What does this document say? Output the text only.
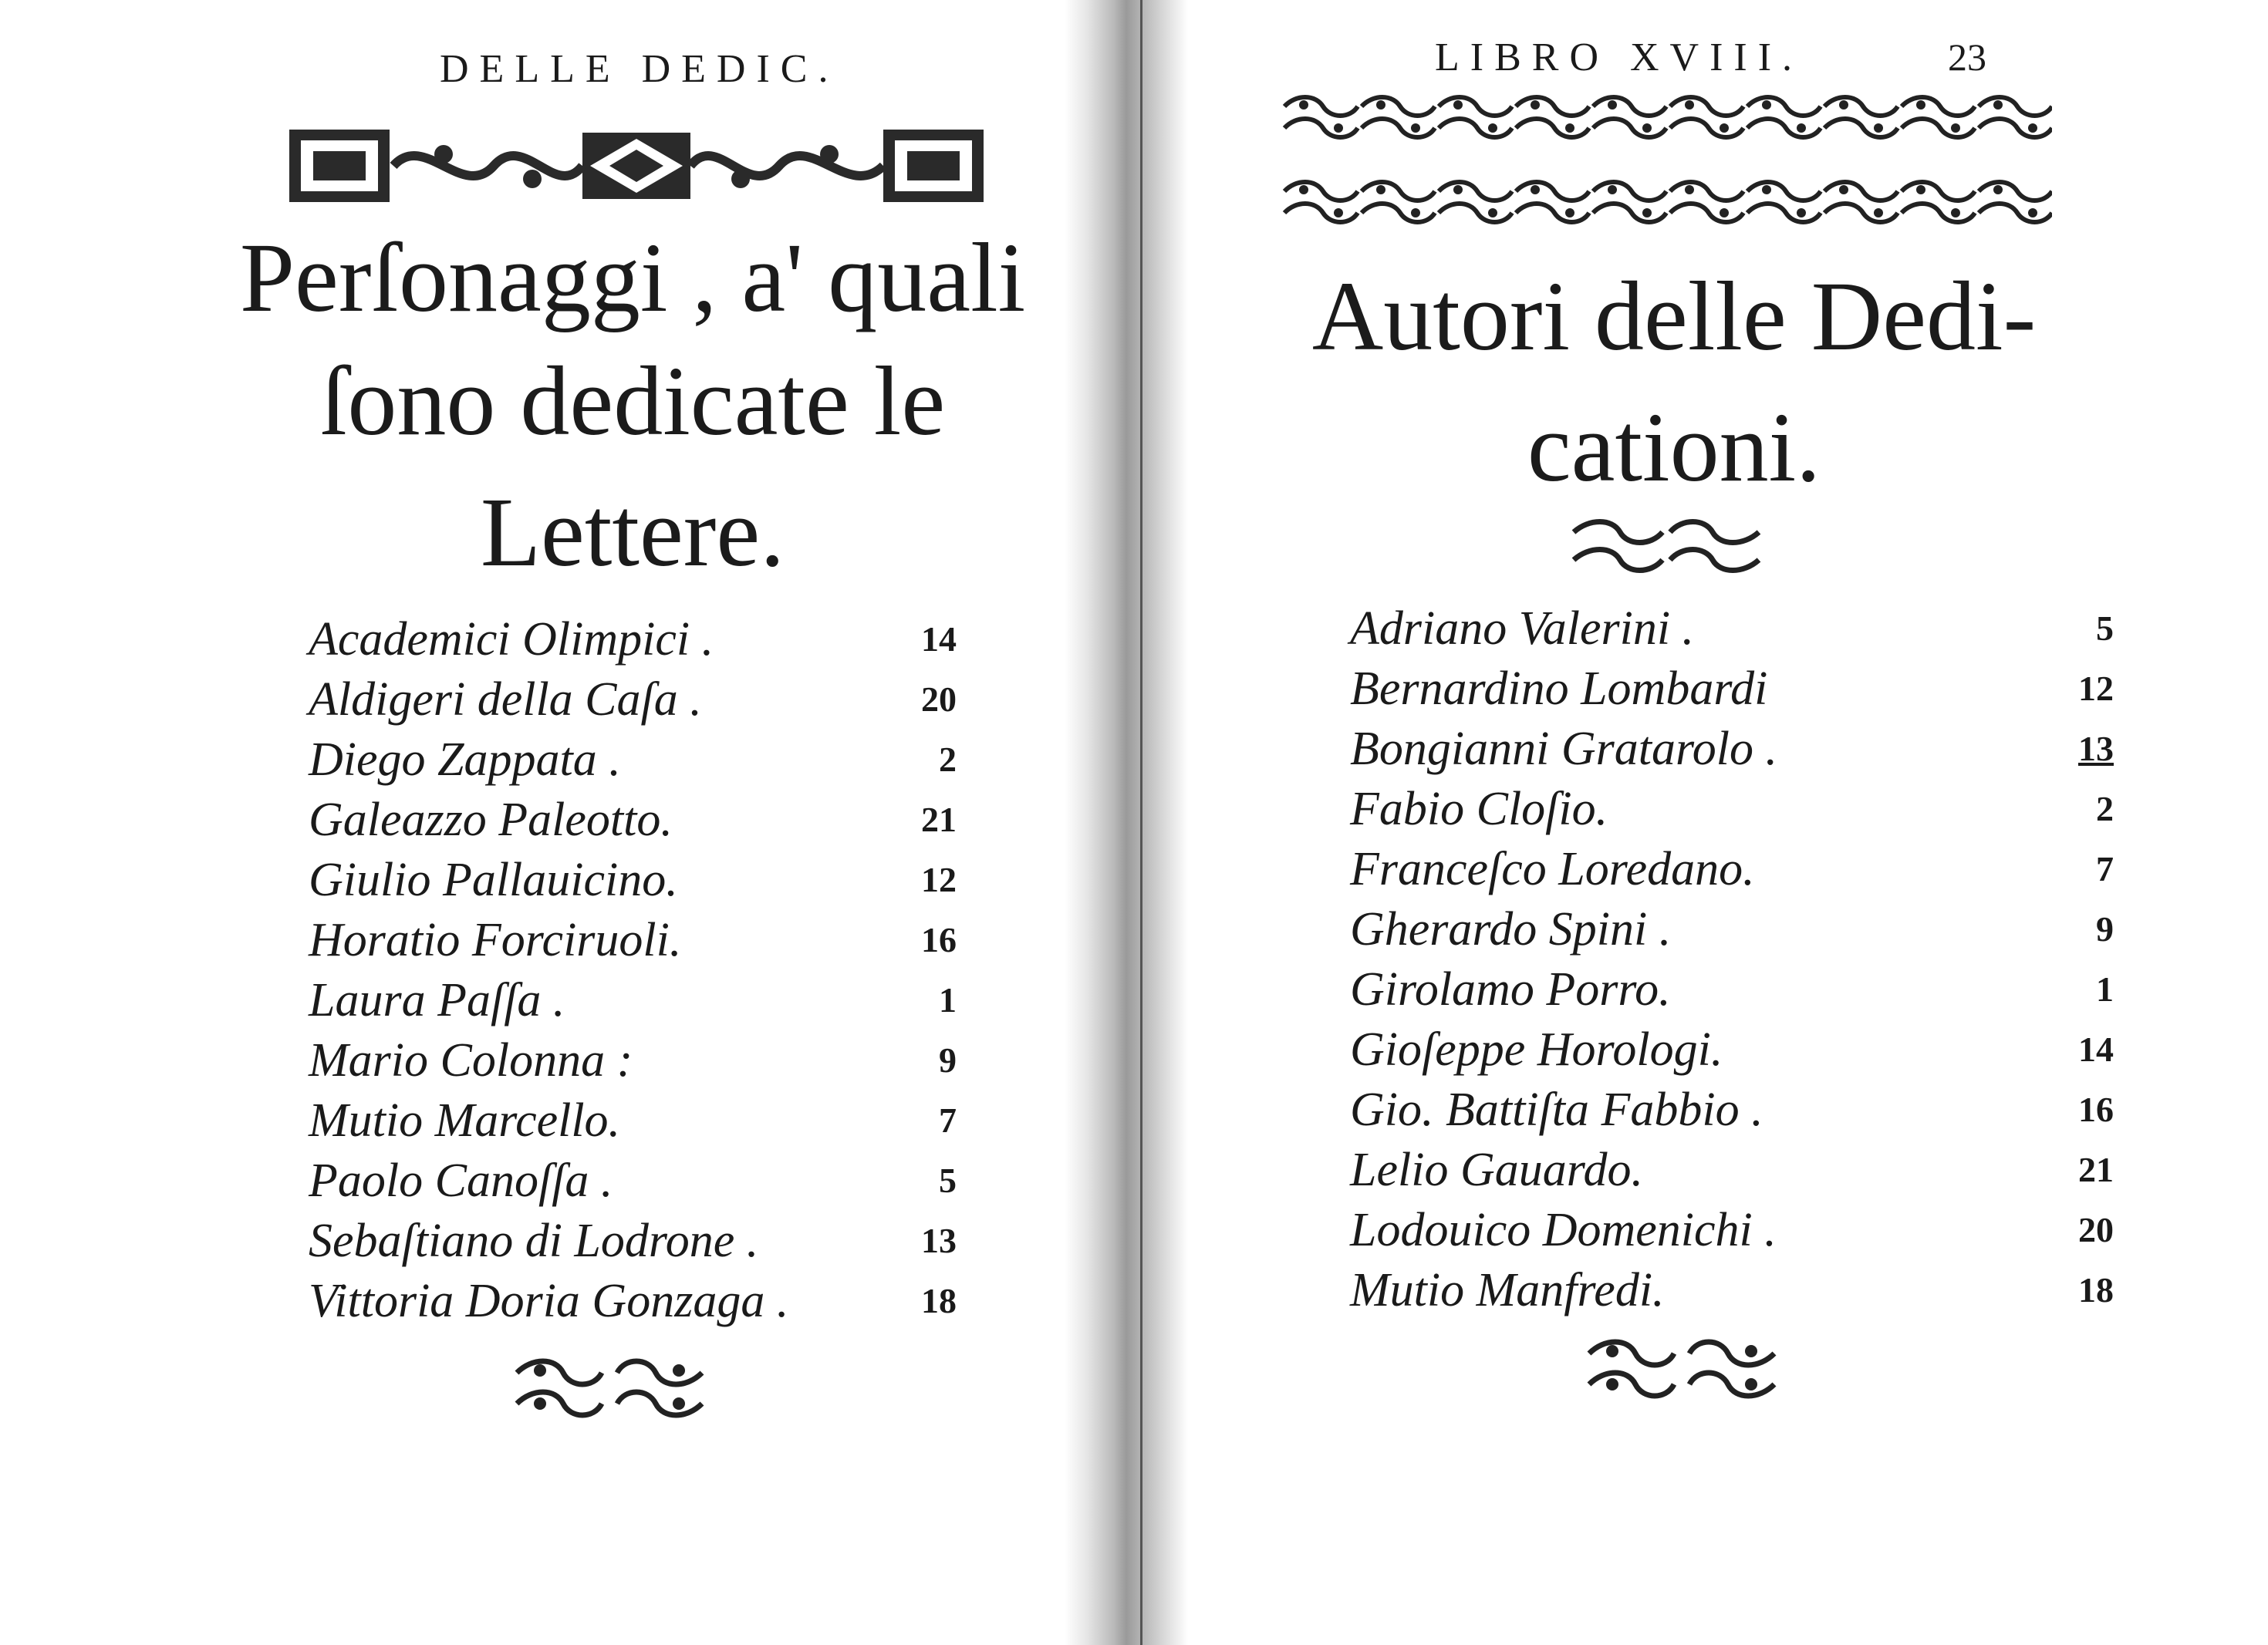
DELLE DEDIC.
Perſonaggi , a' quali
ſono dedicate le
Lettere.
Academici Olimpici .	14
Aldigeri della Caſa .	20
Diego Zappata .	2
Galeazzo Paleotto.	21
Giulio Pallauicino.	12
Horatio Forciruoli.	16
Laura Paſſa .	1
Mario Colonna :	9
Mutio Marcello.	7
Paolo Canoſſa .	5
Sebaſtiano di Lodrone .	13
Vittoria Doria Gonzaga .	18
LIBRO XVIII.	23
Autori delle Dedi-
cationi.
Adriano Valerini .	5
Bernardino Lombardi	12
Bongianni Gratarolo .	13
Fabio Cloſio.	2
Franceſco Loredano.	7
Gherardo Spini .	9
Girolamo Porro.	1
Gioſeppe Horologi.	14
Gio. Battiſta Fabbio .	16
Lelio Gauardo.	21
Lodouico Domenichi .	20
Mutio Manfredi.	18
